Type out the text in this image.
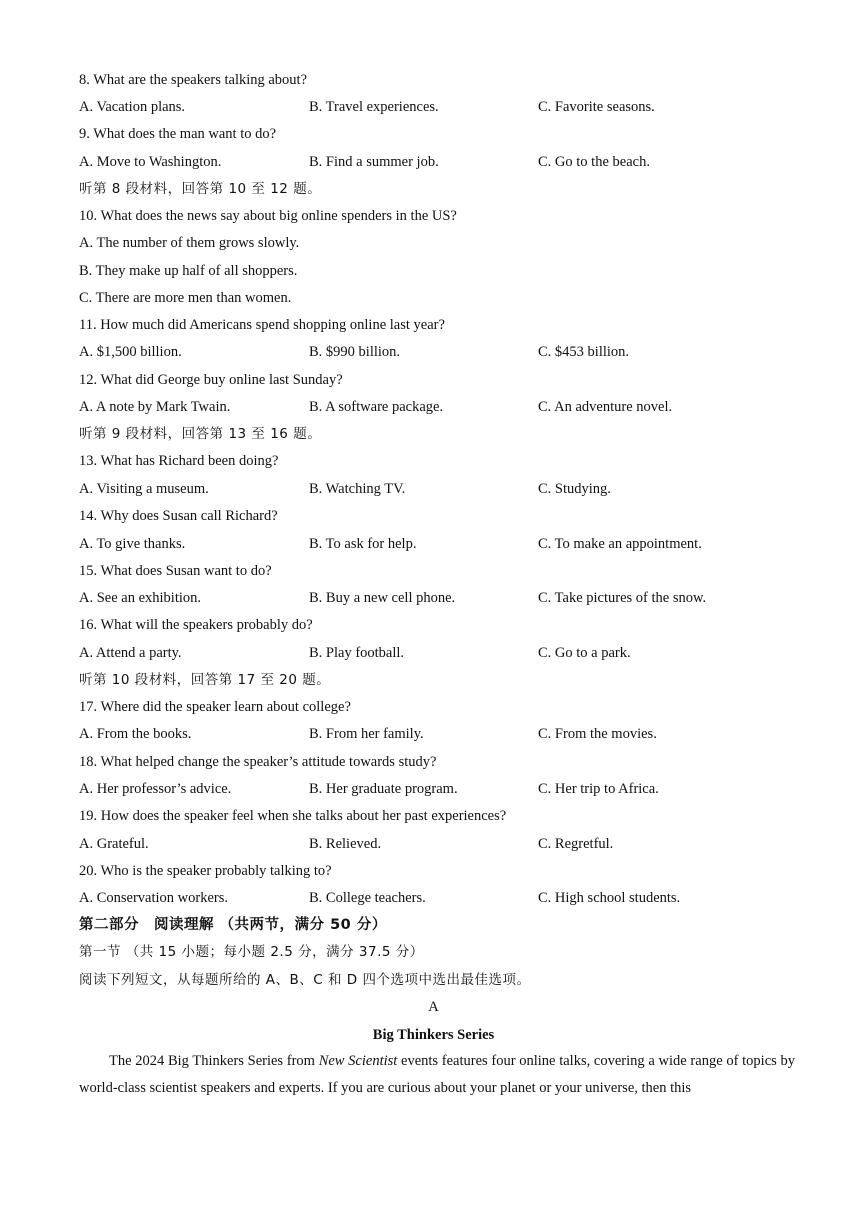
8. What are the speakers talking about?
A. Vacation plans.	B. Travel experiences.	C. Favorite seasons.
9. What does the man want to do?
A. Move to Washington.	B. Find a summer job.	C. Go to the beach.
听第 8 段材料，回答第 10 至 12 题。
10. What does the news say about big online spenders in the US?
A. The number of them grows slowly.
B. They make up half of all shoppers.
C. There are more men than women.
11. How much did Americans spend shopping online last year?
A. $1,500 billion.	B. $990 billion.	C. $453 billion.
12. What did George buy online last Sunday?
A. A note by Mark Twain.	B. A software package.	C. An adventure novel.
听第 9 段材料，回答第 13 至 16 题。
13. What has Richard been doing?
A. Visiting a museum.	B. Watching TV.	C. Studying.
14. Why does Susan call Richard?
A. To give thanks.	B. To ask for help.	C. To make an appointment.
15. What does Susan want to do?
A. See an exhibition.	B. Buy a new cell phone.	C. Take pictures of the snow.
16. What will the speakers probably do?
A. Attend a party.	B. Play football.	C. Go to a park.
听第 10 段材料，回答第 17 至 20 题。
17. Where did the speaker learn about college?
A. From the books.	B. From her family.	C. From the movies.
18. What helped change the speaker’s attitude towards study?
A. Her professor’s advice.	B. Her graduate program.	C. Her trip to Africa.
19. How does the speaker feel when she talks about her past experiences?
A. Grateful.	B. Relieved.	C. Regretful.
20. Who is the speaker probably talking to?
A. Conservation workers.	B. College teachers.	C. High school students.
第二部分　阅读理解 （共两节，满分 50 分）
第一节 （共 15 小题；每小题 2.5 分，满分 37.5 分）
阅读下列短文，从每题所给的 A、B、C 和 D 四个选项中选出最佳选项。
A
Big Thinkers Series
The 2024 Big Thinkers Series from New Scientist events features four online talks, covering a wide range of topics by world-class scientist speakers and experts. If you are curious about your planet or your universe, then this
